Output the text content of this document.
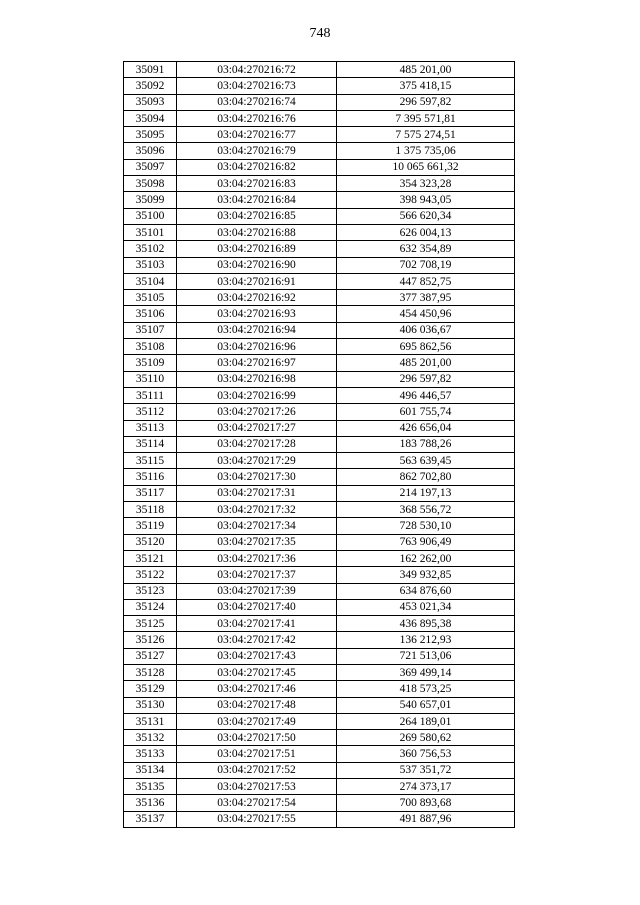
748
35091	03:04:270216:72	485 201,00
35092	03:04:270216:73	375 418,15
35093	03:04:270216:74	296 597,82
35094	03:04:270216:76	7 395 571,81
35095	03:04:270216:77	7 575 274,51
35096	03:04:270216:79	1 375 735,06
35097	03:04:270216:82	10 065 661,32
35098	03:04:270216:83	354 323,28
35099	03:04:270216:84	398 943,05
35100	03:04:270216:85	566 620,34
35101	03:04:270216:88	626 004,13
35102	03:04:270216:89	632 354,89
35103	03:04:270216:90	702 708,19
35104	03:04:270216:91	447 852,75
35105	03:04:270216:92	377 387,95
35106	03:04:270216:93	454 450,96
35107	03:04:270216:94	406 036,67
35108	03:04:270216:96	695 862,56
35109	03:04:270216:97	485 201,00
35110	03:04:270216:98	296 597,82
35111	03:04:270216:99	496 446,57
35112	03:04:270217:26	601 755,74
35113	03:04:270217:27	426 656,04
35114	03:04:270217:28	183 788,26
35115	03:04:270217:29	563 639,45
35116	03:04:270217:30	862 702,80
35117	03:04:270217:31	214 197,13
35118	03:04:270217:32	368 556,72
35119	03:04:270217:34	728 530,10
35120	03:04:270217:35	763 906,49
35121	03:04:270217:36	162 262,00
35122	03:04:270217:37	349 932,85
35123	03:04:270217:39	634 876,60
35124	03:04:270217:40	453 021,34
35125	03:04:270217:41	436 895,38
35126	03:04:270217:42	136 212,93
35127	03:04:270217:43	721 513,06
35128	03:04:270217:45	369 499,14
35129	03:04:270217:46	418 573,25
35130	03:04:270217:48	540 657,01
35131	03:04:270217:49	264 189,01
35132	03:04:270217:50	269 580,62
35133	03:04:270217:51	360 756,53
35134	03:04:270217:52	537 351,72
35135	03:04:270217:53	274 373,17
35136	03:04:270217:54	700 893,68
35137	03:04:270217:55	491 887,96
